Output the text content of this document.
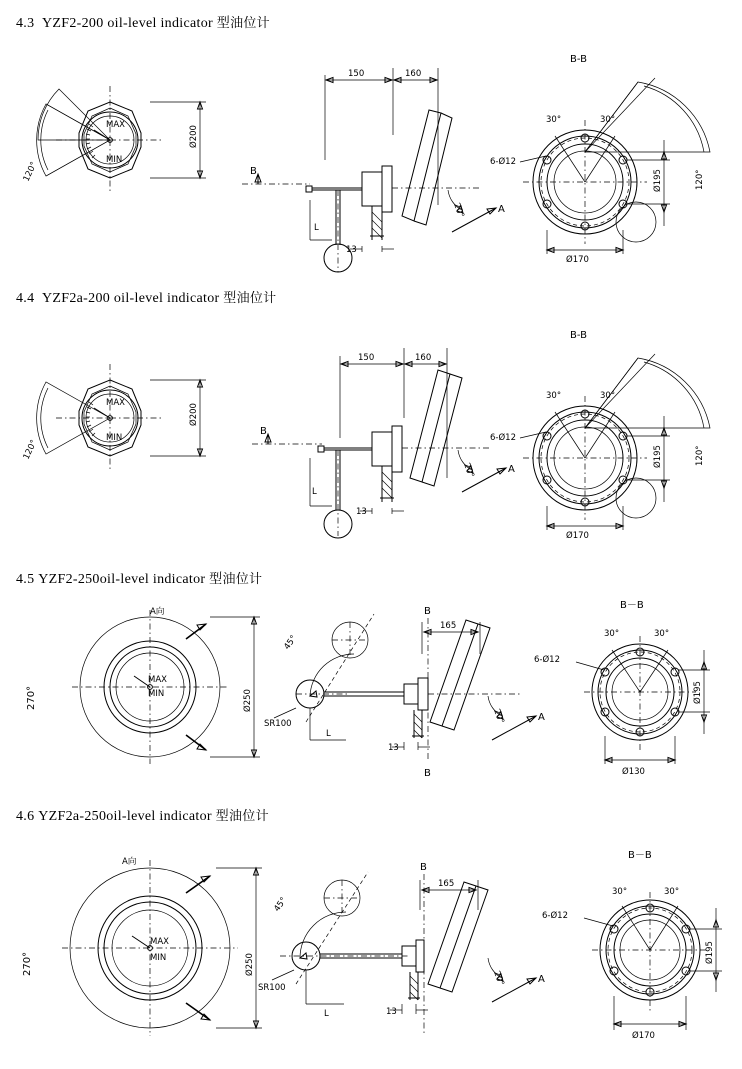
4.3 YZF2-200 oil-level indicator 型油位计
MAX
MIN
120°
Ø200
150	160
B
L
13
20°	A
B-B
120°
30°	30°
6-Ø12
Ø195
Ø170
4.4 YZF2a-200 oil-level indicator 型油位计
MAX
MIN
120°
Ø200
150	160
B
L
13
20°	A
B-B
120°
30°	30°
6-Ø12
Ø195
Ø170
4.5 YZF2-250oil-level indicator 型油位计
A向
MAX
MIN
270°	Ø250
45°
B
B
165
L
SR100
13
20°	A
B－B
30°	30°
6-Ø12
Ø195
Ø130
4.6 YZF2a-250oil-level indicator 型油位计
A向
MAX
MIN
270°	Ø250
45°
B
165
L
SR100
13
20°	A
B－B
30°	30°
6-Ø12
Ø195
Ø170
